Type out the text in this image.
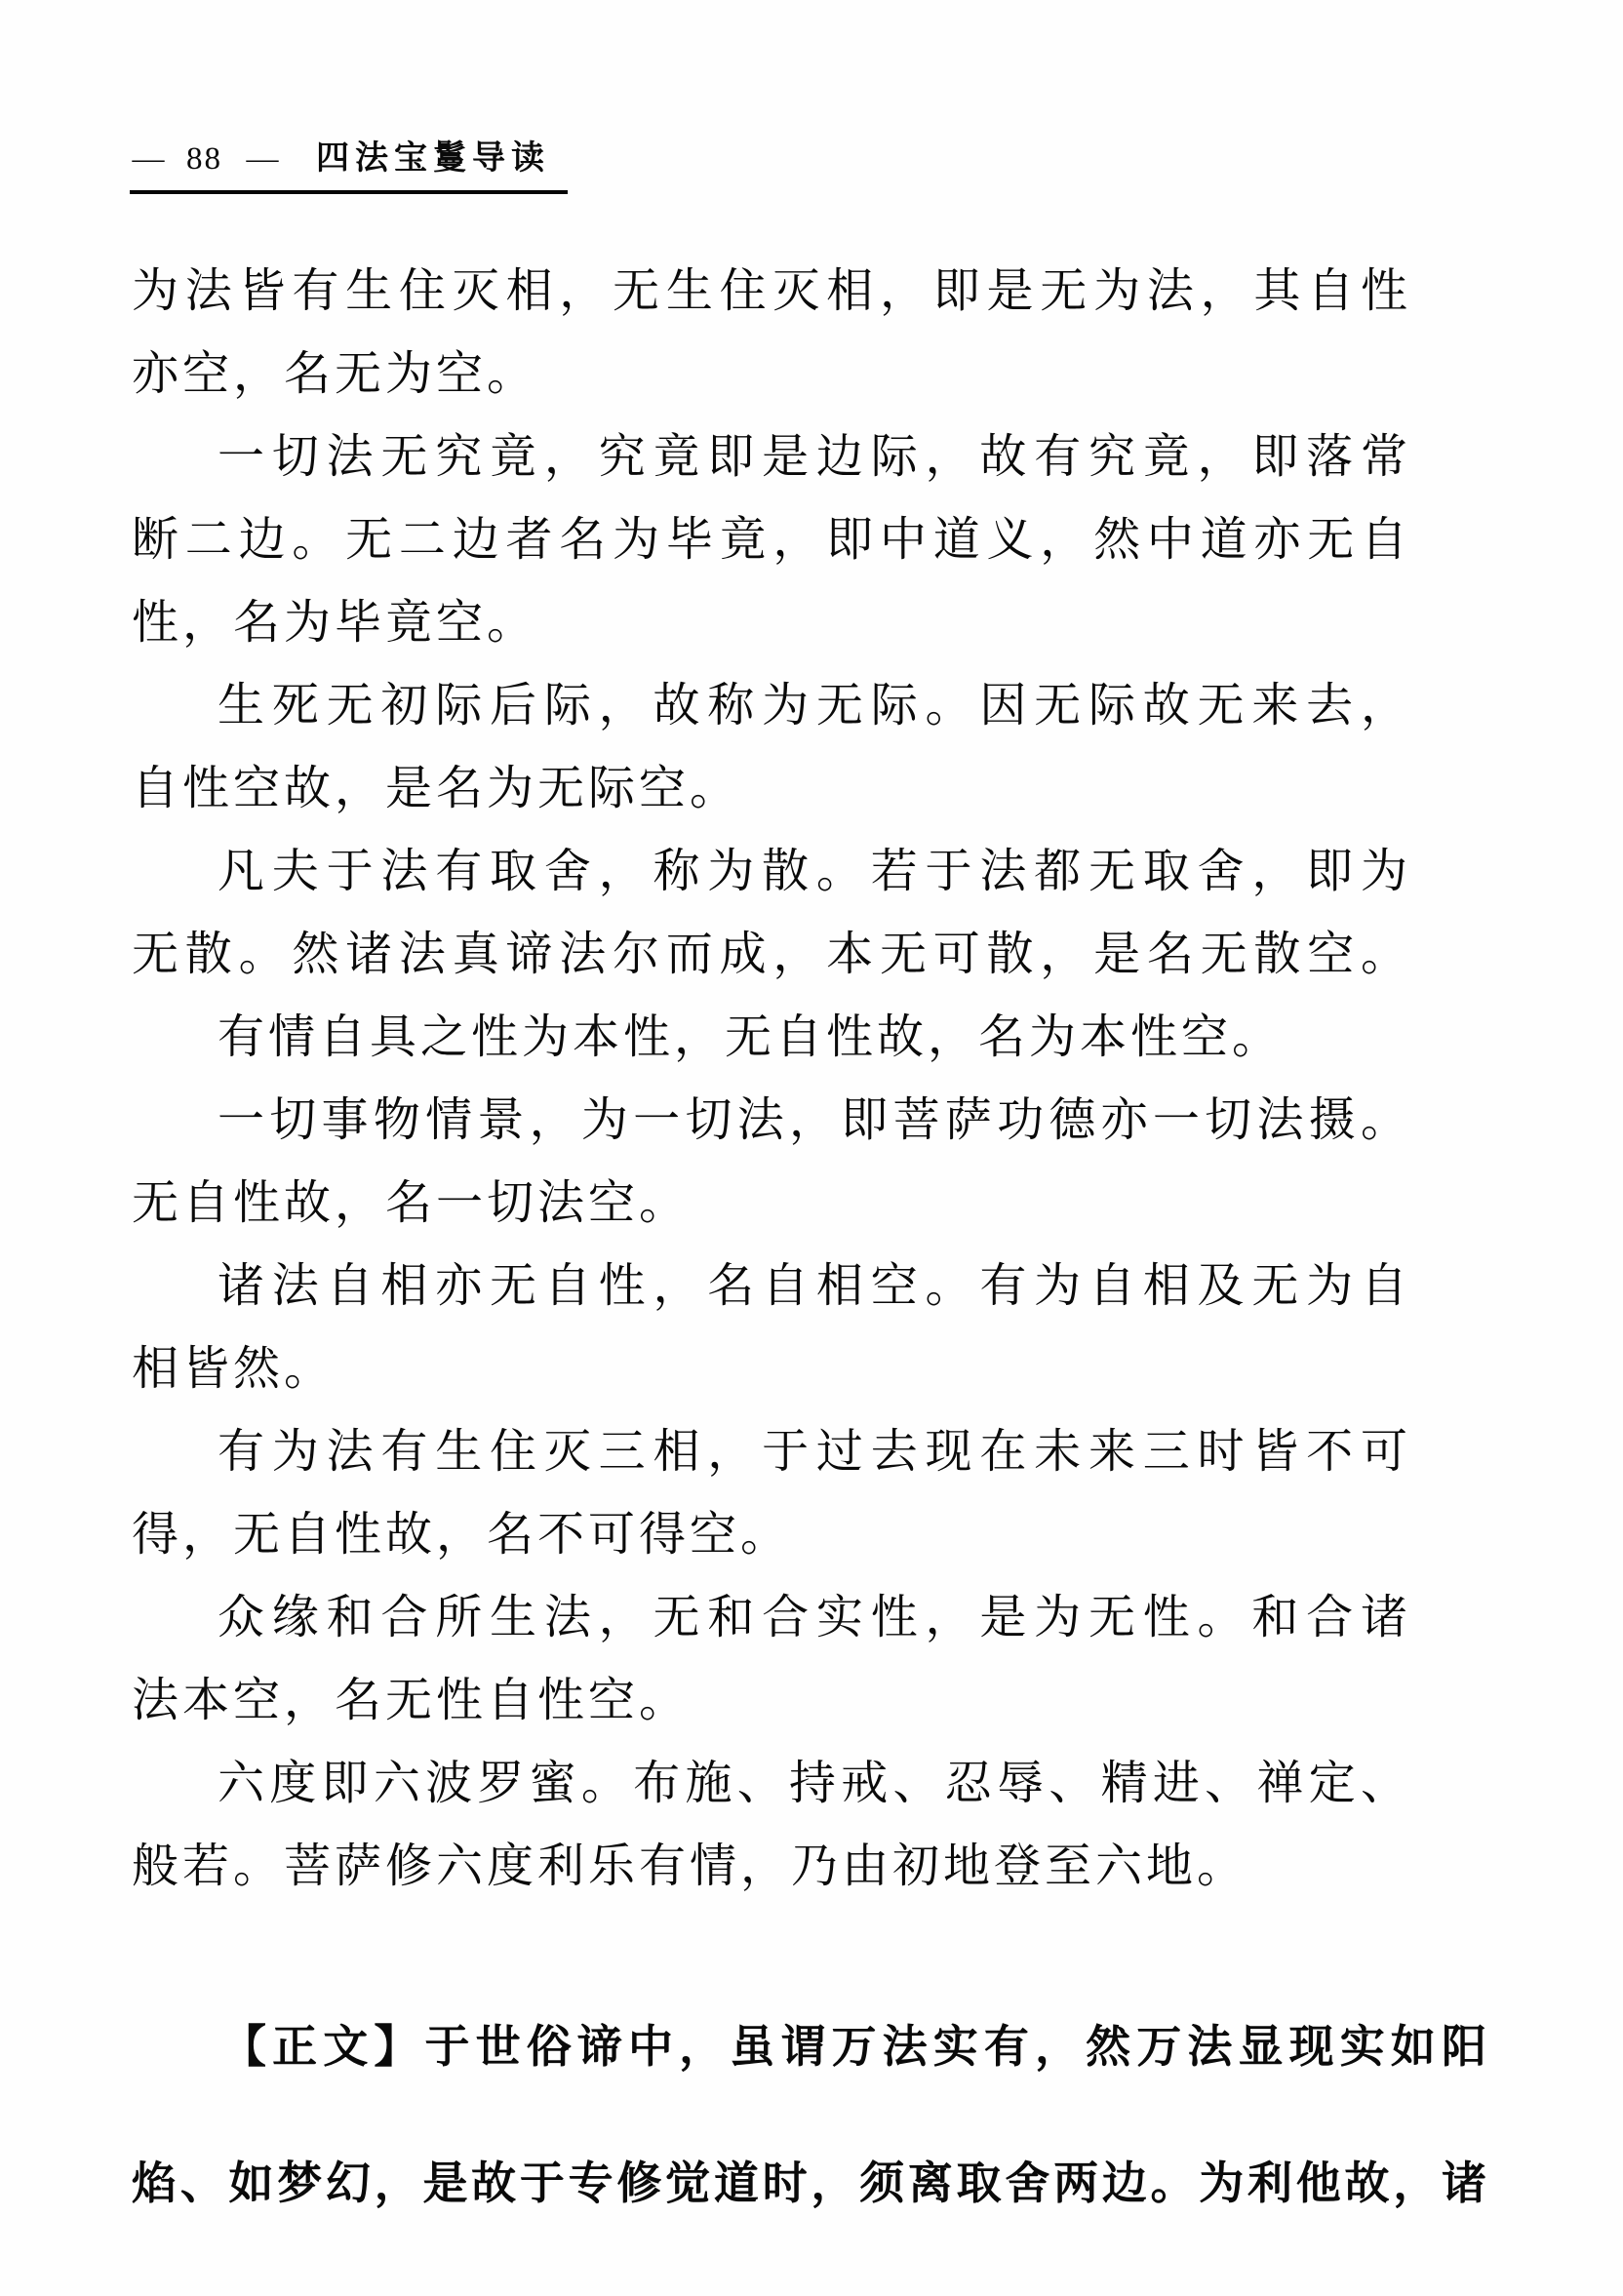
— 88 — 四法宝鬘导读
为法皆有生住灭相，无生住灭相，即是无为法，其自性
亦空，名无为空。
一切法无究竟，究竟即是边际，故有究竟，即落常
断二边。无二边者名为毕竟，即中道义，然中道亦无自
性，名为毕竟空。
生死无初际后际，故称为无际。因无际故无来去，
自性空故，是名为无际空。
凡夫于法有取舍，称为散。若于法都无取舍，即为
无散。然诸法真谛法尔而成，本无可散，是名无散空。
有情自具之性为本性，无自性故，名为本性空。
一切事物情景，为一切法，即菩萨功德亦一切法摄。
无自性故，名一切法空。
诸法自相亦无自性，名自相空。有为自相及无为自
相皆然。
有为法有生住灭三相，于过去现在未来三时皆不可
得，无自性故，名不可得空。
众缘和合所生法，无和合实性，是为无性。和合诸
法本空，名无性自性空。
六度即六波罗蜜。布施、持戒、忍辱、精进、禅定、
般若。菩萨修六度利乐有情，乃由初地登至六地。
【正文】于世俗谛中，虽谓万法实有，然万法显现实如阳
焰、如梦幻，是故于专修觉道时，须离取舍两边。为利他故，诸
